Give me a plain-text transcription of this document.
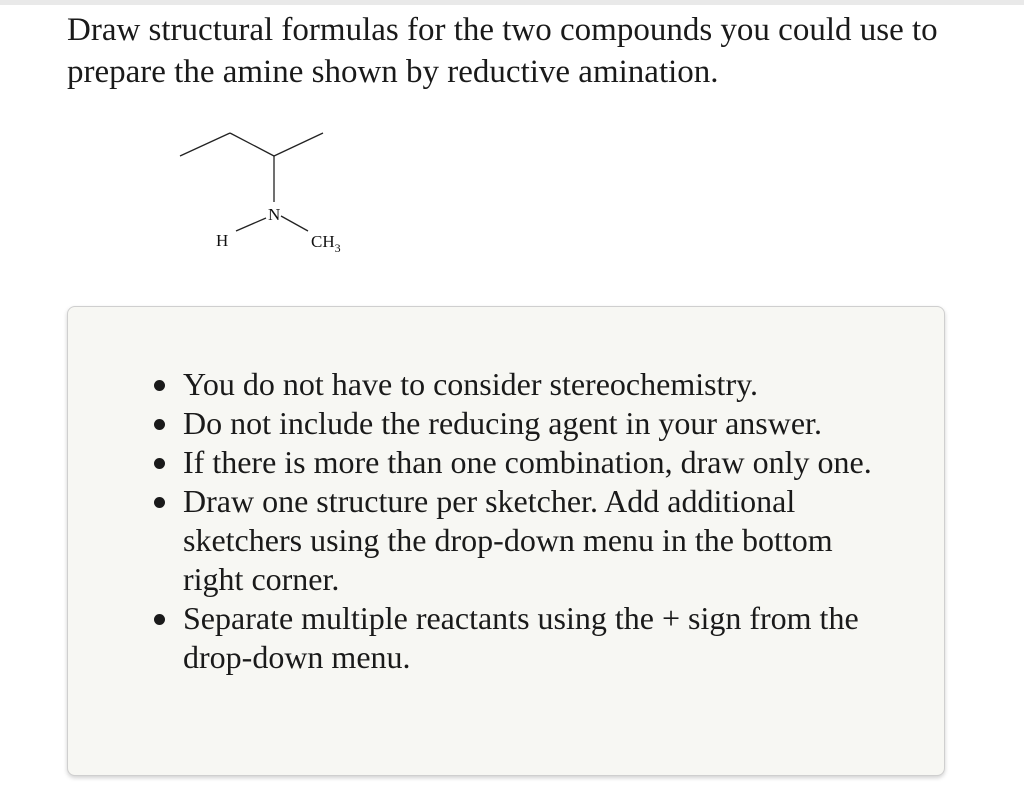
Draw structural formulas for the two compounds you could use to prepare the amine shown by reductive amination.

N
H	$CH_3$
You do not have to consider stereochemistry.
Do not include the reducing agent in your answer.
If there is more than one combination, draw only one.
Draw one structure per sketcher. Add additional sketchers using the drop-down menu in the bottom right corner.
Separate multiple reactants using the + sign from the drop-down menu.
